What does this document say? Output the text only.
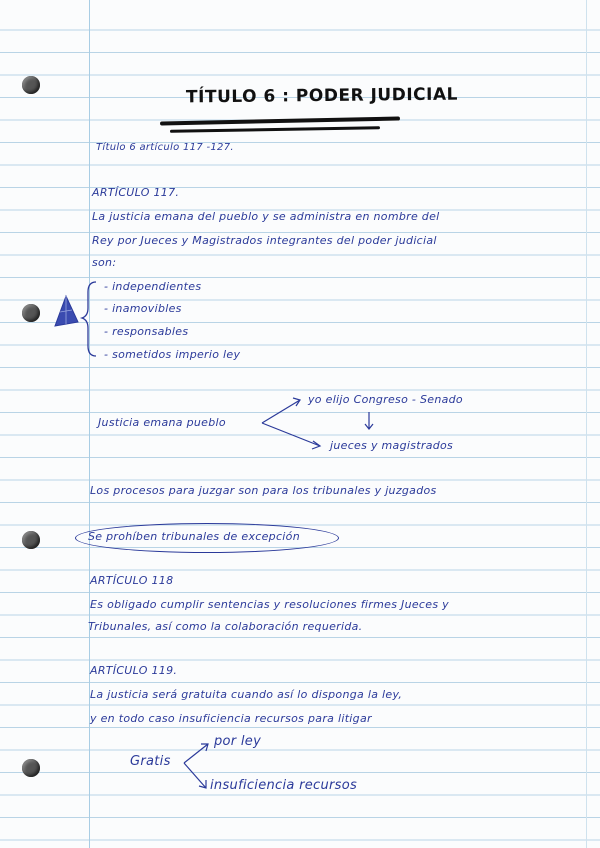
TÍTULO 6 : PODER JUDICIAL
Título 6 artículo 117 -127.
ARTÍCULO 117.
La justicia emana del pueblo y se administra en nombre del
Rey por Jueces y Magistrados integrantes del poder judicial
son:
- independientes
- inamovibles
- responsables
- sometidos imperio ley
Justicia emana pueblo
yo elijo Congreso - Senado
jueces y magistrados
Los procesos para juzgar son para los tribunales y juzgados
Se prohíben tribunales de excepción
ARTÍCULO 118
Es obligado cumplir sentencias y resoluciones firmes Jueces y
Tribunales, así como la colaboración requerida.
ARTÍCULO 119.
La justicia será gratuita cuando así lo disponga la ley,
y en todo caso insuficiencia recursos para litigar
Gratis
por ley
insuficiencia recursos
